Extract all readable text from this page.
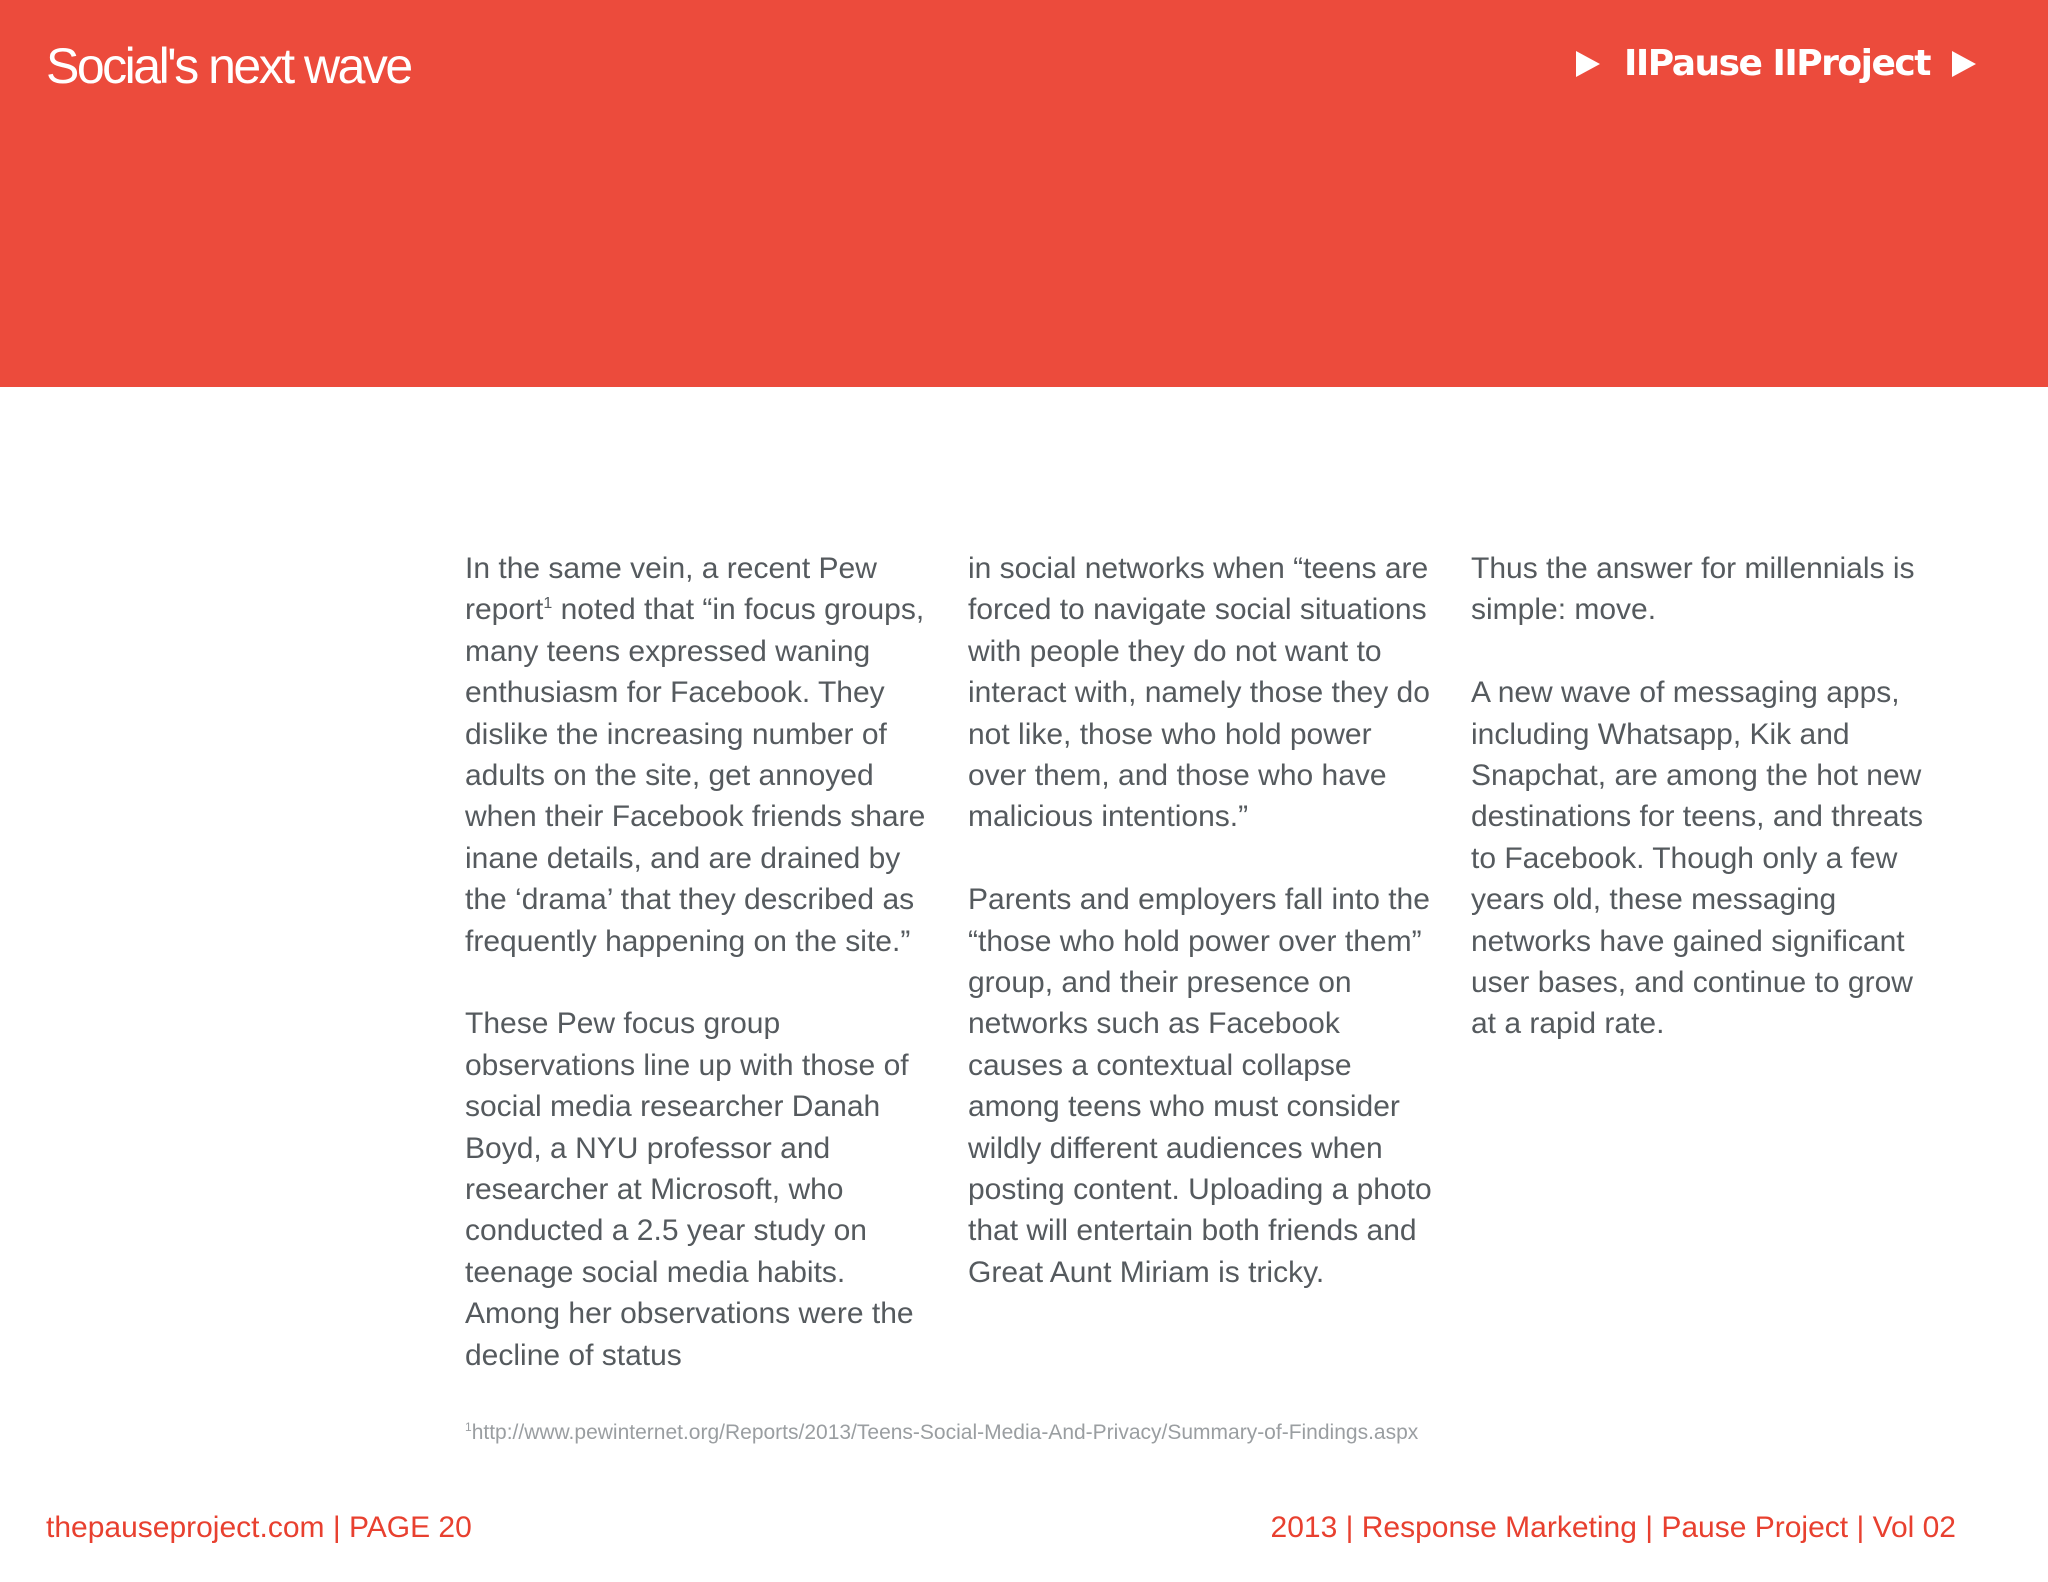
Social's next wave	IIPause IIProject

In the same vein, a recent Pew report$^1$ noted that “in focus groups, many teens expressed waning enthusiasm for Facebook. They dislike the increasing number of adults on the site, get annoyed when their Facebook friends share inane details, and are drained by the ‘drama’ that they described as frequently happening on the site.”

These Pew focus group observations line up with those of social media researcher Danah Boyd, a NYU professor and researcher at Microsoft, who conducted a 2.5 year study on teenage social media habits. Among her observations were the decline of status

in social networks when “teens are forced to navigate social situations with people they do not want to interact with, namely those they do not like, those who hold power over them, and those who have malicious intentions.”

Parents and employers fall into the “those who hold power over them” group, and their presence on networks such as Facebook causes a contextual collapse among teens who must consider wildly different audiences when posting content. Uploading a photo that will entertain both friends and Great Aunt Miriam is tricky.

Thus the answer for millennials is simple: move.

A new wave of messaging apps, including Whatsapp, Kik and Snapchat, are among the hot new destinations for teens, and threats to Facebook. Though only a few years old, these messaging networks have gained significant user bases, and continue to grow at a rapid rate.

$^1$http://www.pewinternet.org/Reports/2013/Teens-Social-Media-And-Privacy/Summary-of-Findings.aspx
thepauseproject.com | PAGE 20	2013 | Response Marketing | Pause Project | Vol 02
